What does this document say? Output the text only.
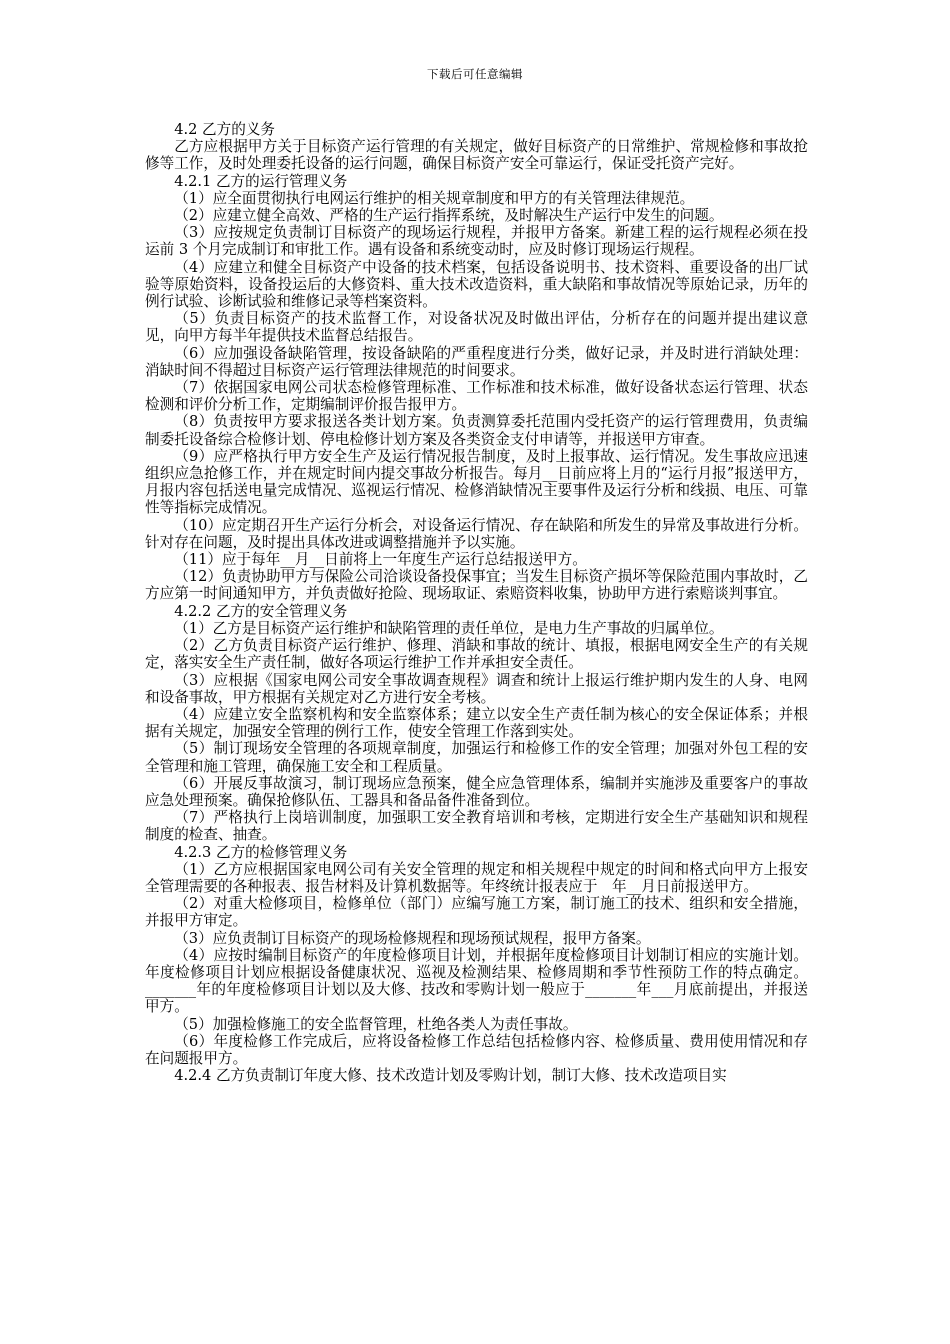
下载后可任意编辑

4.2 乙方的义务

乙方应根据甲方关于目标资产运行管理的有关规定，做好目标资产的日常维护、常规检修和事故抢修等工作，及时处理委托设备的运行问题，确保目标资产安全可靠运行，保证受托资产完好。

4.2.1 乙方的运行管理义务

（1）应全面贯彻执行电网运行维护的相关规章制度和甲方的有关管理法律规范。

（2）应建立健全高效、严格的生产运行指挥系统，及时解决生产运行中发生的问题。

（3）应按规定负责制订目标资产的现场运行规程，并报甲方备案。新建工程的运行规程必须在投运前 3 个月完成制订和审批工作。遇有设备和系统变动时，应及时修订现场运行规程。

（4）应建立和健全目标资产中设备的技术档案，包括设备说明书、技术资料、重要设备的出厂试验等原始资料，设备投运后的大修资料、重大技术改造资料，重大缺陷和事故情况等原始记录，历年的例行试验、诊断试验和维修记录等档案资料。

（5）负责目标资产的技术监督工作，对设备状况及时做出评估，分析存在的问题并提出建议意见，向甲方每半年提供技术监督总结报告。

（6）应加强设备缺陷管理，按设备缺陷的严重程度进行分类，做好记录，并及时进行消缺处理：消缺时间不得超过目标资产运行管理法律规范的时间要求。

（7）依据国家电网公司状态检修管理标准、工作标准和技术标准，做好设备状态运行管理、状态检测和评价分析工作，定期编制评价报告报甲方。

（8）负责按甲方要求报送各类计划方案。负责测算委托范围内受托资产的运行管理费用，负责编制委托设备综合检修计划、停电检修计划方案及各类资金支付申请等，并报送甲方审查。

（9）应严格执行甲方安全生产及运行情况报告制度，及时上报事故、运行情况。发生事故应迅速组织应急抢修工作，并在规定时间内提交事故分析报告。每月__日前应将上月的“运行月报”报送甲方，月报内容包括送电量完成情况、巡视运行情况、检修消缺情况主要事件及运行分析和线损、电压、可靠性等指标完成情况。

（10）应定期召开生产运行分析会，对设备运行情况、存在缺陷和所发生的异常及事故进行分析。针对存在问题，及时提出具体改进或调整措施并予以实施。

（11）应于每年__月__日前将上一年度生产运行总结报送甲方。

（12）负责协助甲方与保险公司洽谈设备投保事宜；当发生目标资产损坏等保险范围内事故时，乙方应第一时间通知甲方，并负责做好抢险、现场取证、索赔资料收集，协助甲方进行索赔谈判事宜。

4.2.2 乙方的安全管理义务

（1）乙方是目标资产运行维护和缺陷管理的责任单位，是电力生产事故的归属单位。

（2）乙方负责目标资产运行维护、修理、消缺和事故的统计、填报，根据电网安全生产的有关规定，落实安全生产责任制，做好各项运行维护工作并承担安全责任。

（3）应根据《国家电网公司安全事故调查规程》调查和统计上报运行维护期内发生的人身、电网和设备事故，甲方根据有关规定对乙方进行安全考核。

（4）应建立安全监察机构和安全监察体系；建立以安全生产责任制为核心的安全保证体系；并根据有关规定，加强安全管理的例行工作，使安全管理工作落到实处。

（5）制订现场安全管理的各项规章制度，加强运行和检修工作的安全管理；加强对外包工程的安全管理和施工管理，确保施工安全和工程质量。

（6）开展反事故演习，制订现场应急预案，健全应急管理体系，编制并实施涉及重要客户的事故应急处理预案。确保抢修队伍、工器具和备品备件准备到位。

（7）严格执行上岗培训制度，加强职工安全教育培训和考核，定期进行安全生产基础知识和规程制度的检查、抽查。

4.2.3 乙方的检修管理义务

（1）乙方应根据国家电网公司有关安全管理的规定和相关规程中规定的时间和格式向甲方上报安全管理需要的各种报表、报告材料及计算机数据等。年终统计报表应于　年__月日前报送甲方。

（2）对重大检修项目，检修单位（部门）应编写施工方案，制订施工的技术、组织和安全措施，并报甲方审定。

（3）应负责制订目标资产的现场检修规程和现场预试规程，报甲方备案。

（4）应按时编制目标资产的年度检修项目计划，并根据年度检修项目计划制订相应的实施计划。年度检修项目计划应根据设备健康状况、巡视及检测结果、检修周期和季节性预防工作的特点确定。_______年的年度检修项目计划以及大修、技改和零购计划一般应于_______年___月底前提出，并报送甲方。

（5）加强检修施工的安全监督管理，杜绝各类人为责任事故。

（6）年度检修工作完成后，应将设备检修工作总结包括检修内容、检修质量、费用使用情况和存在问题报甲方。

4.2.4 乙方负责制订年度大修、技术改造计划及零购计划，制订大修、技术改造项目实
